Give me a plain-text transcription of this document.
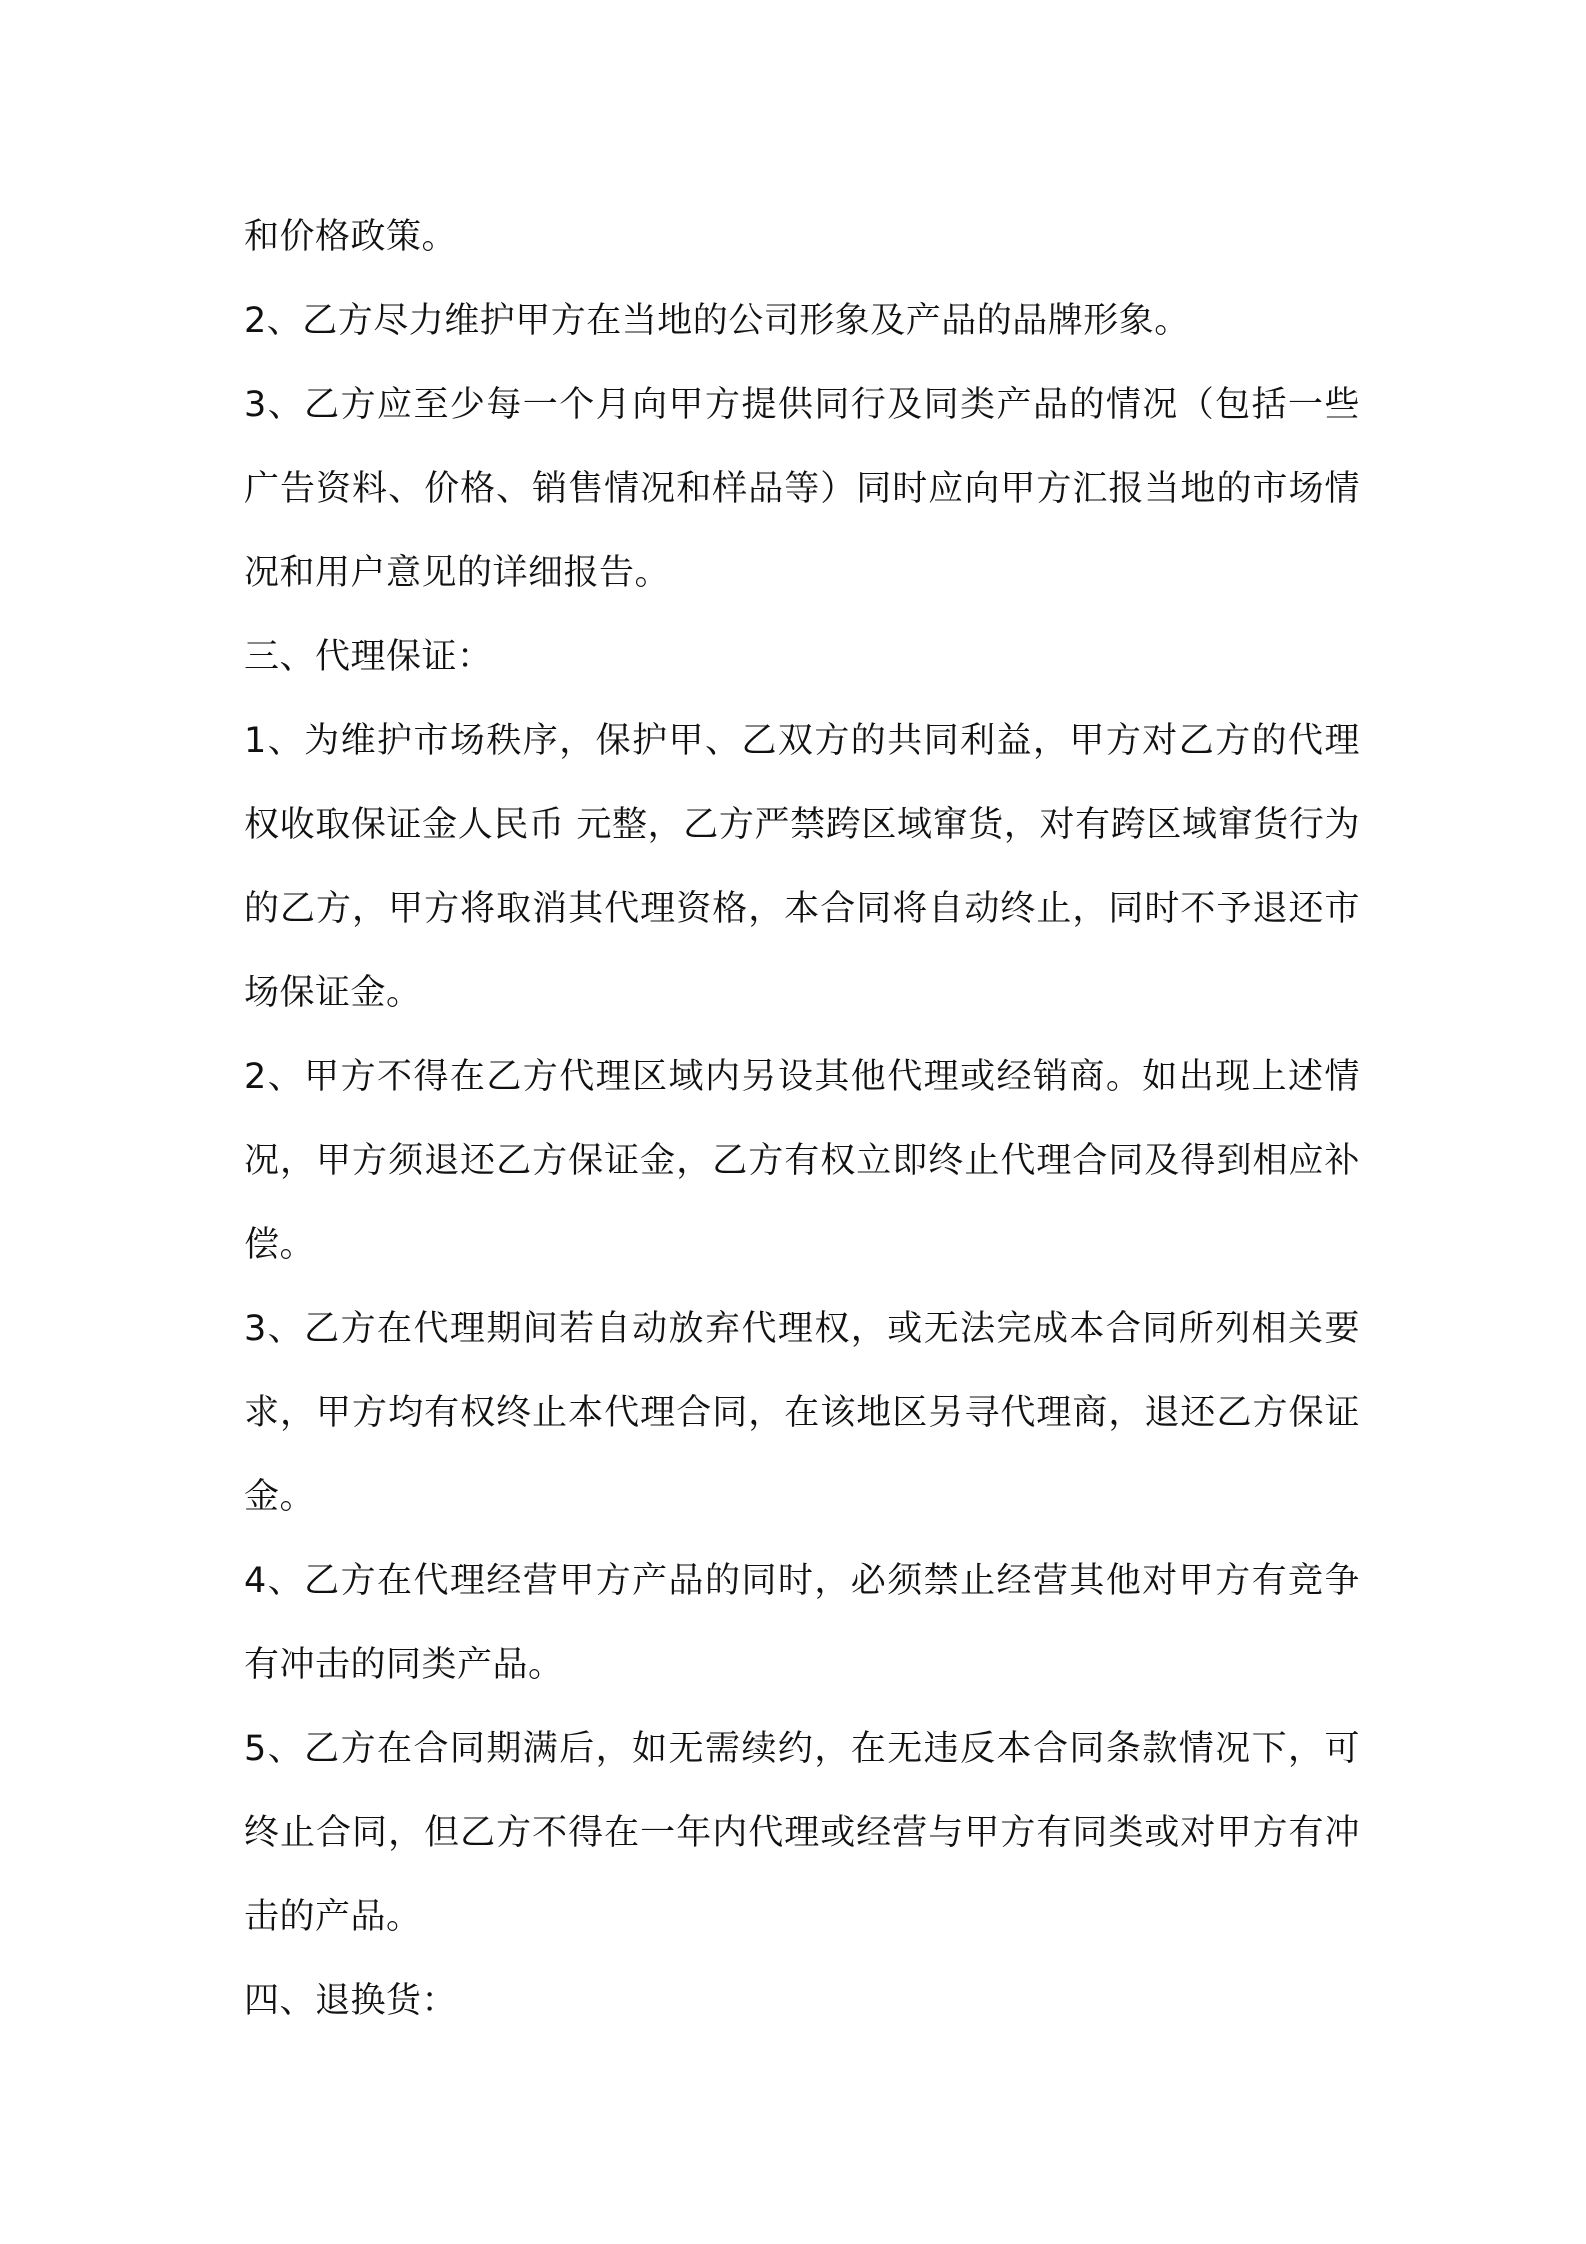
和价格政策。

2、乙方尽力维护甲方在当地的公司形象及产品的品牌形象。

3、乙方应至少每一个月向甲方提供同行及同类产品的情况（包括一些广告资料、价格、销售情况和样品等）同时应向甲方汇报当地的市场情况和用户意见的详细报告。

三、代理保证：

1、为维护市场秩序，保护甲、乙双方的共同利益，甲方对乙方的代理权收取保证金人民币 元整，乙方严禁跨区域窜货，对有跨区域窜货行为的乙方，甲方将取消其代理资格，本合同将自动终止，同时不予退还市场保证金。

2、甲方不得在乙方代理区域内另设其他代理或经销商。如出现上述情况，甲方须退还乙方保证金，乙方有权立即终止代理合同及得到相应补偿。

3、乙方在代理期间若自动放弃代理权，或无法完成本合同所列相关要求，甲方均有权终止本代理合同，在该地区另寻代理商，退还乙方保证金。

4、乙方在代理经营甲方产品的同时，必须禁止经营其他对甲方有竞争有冲击的同类产品。

5、乙方在合同期满后，如无需续约，在无违反本合同条款情况下，可终止合同，但乙方不得在一年内代理或经营与甲方有同类或对甲方有冲击的产品。

四、退换货：
